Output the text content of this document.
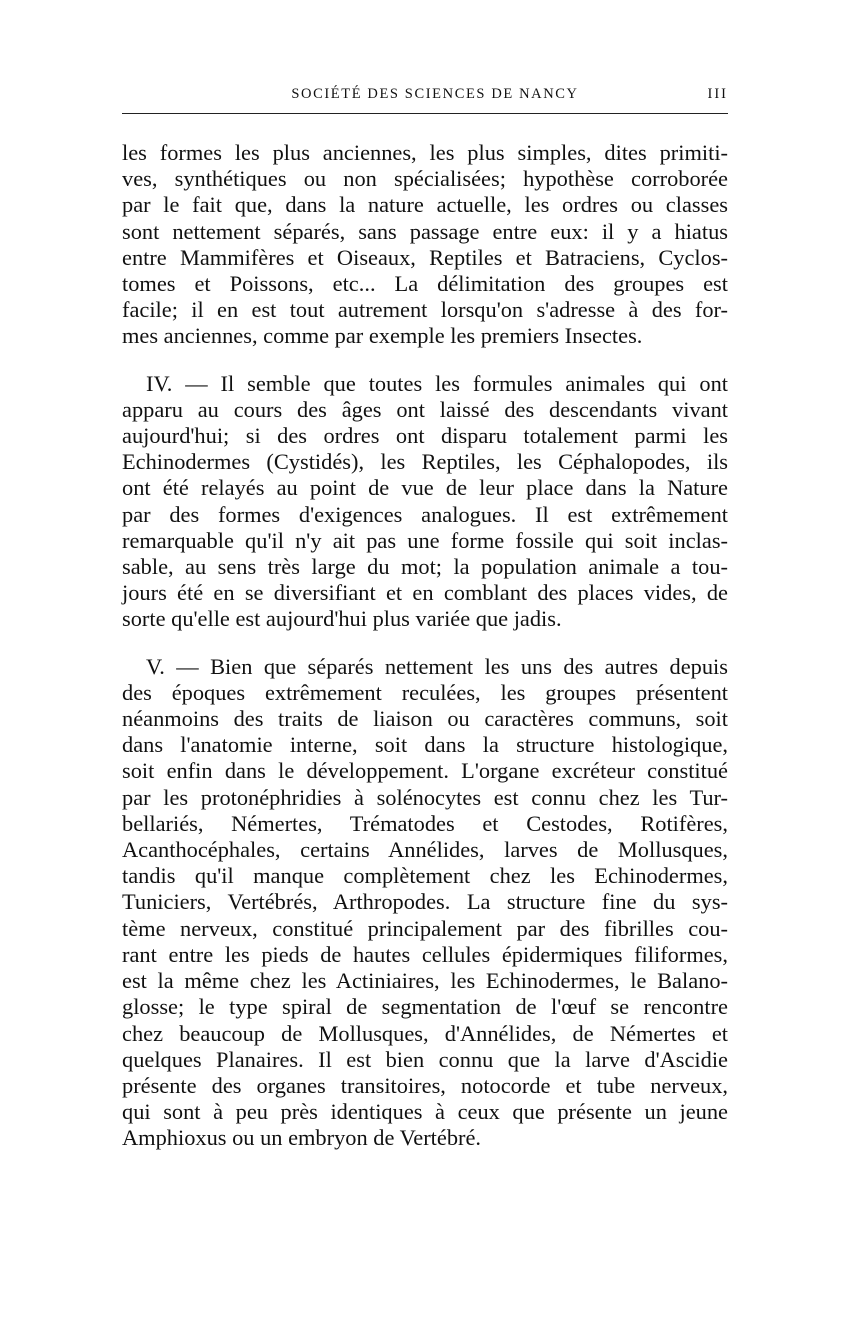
SOCIÉTÉ DES SCIENCES DE NANCY	III

les formes les plus anciennes, les plus simples, dites primiti-
ves, synthétiques ou non spécialisées; hypothèse corroborée
par le fait que, dans la nature actuelle, les ordres ou classes
sont nettement séparés, sans passage entre eux: il y a hiatus
entre Mammifères et Oiseaux, Reptiles et Batraciens, Cyclos-
tomes et Poissons, etc... La délimitation des groupes est
facile; il en est tout autrement lorsqu'on s'adresse à des for-
mes anciennes, comme par exemple les premiers Insectes.

IV. — Il semble que toutes les formules animales qui ont
apparu au cours des âges ont laissé des descendants vivant
aujourd'hui; si des ordres ont disparu totalement parmi les
Echinodermes (Cystidés), les Reptiles, les Céphalopodes, ils
ont été relayés au point de vue de leur place dans la Nature
par des formes d'exigences analogues. Il est extrêmement
remarquable qu'il n'y ait pas une forme fossile qui soit inclas-
sable, au sens très large du mot; la population animale a tou-
jours été en se diversifiant et en comblant des places vides, de
sorte qu'elle est aujourd'hui plus variée que jadis.

V. — Bien que séparés nettement les uns des autres depuis
des époques extrêmement reculées, les groupes présentent
néanmoins des traits de liaison ou caractères communs, soit
dans l'anatomie interne, soit dans la structure histologique,
soit enfin dans le développement. L'organe excréteur constitué
par les protonéphridies à solénocytes est connu chez les Tur-
bellariés, Némertes, Trématodes et Cestodes, Rotifères,
Acanthocéphales, certains Annélides, larves de Mollusques,
tandis qu'il manque complètement chez les Echinodermes,
Tuniciers, Vertébrés, Arthropodes. La structure fine du sys-
tème nerveux, constitué principalement par des fibrilles cou-
rant entre les pieds de hautes cellules épidermiques filiformes,
est la même chez les Actiniaires, les Echinodermes, le Balano-
glosse; le type spiral de segmentation de l'œuf se rencontre
chez beaucoup de Mollusques, d'Annélides, de Némertes et
quelques Planaires. Il est bien connu que la larve d'Ascidie
présente des organes transitoires, notocorde et tube nerveux,
qui sont à peu près identiques à ceux que présente un jeune
Amphioxus ou un embryon de Vertébré.
